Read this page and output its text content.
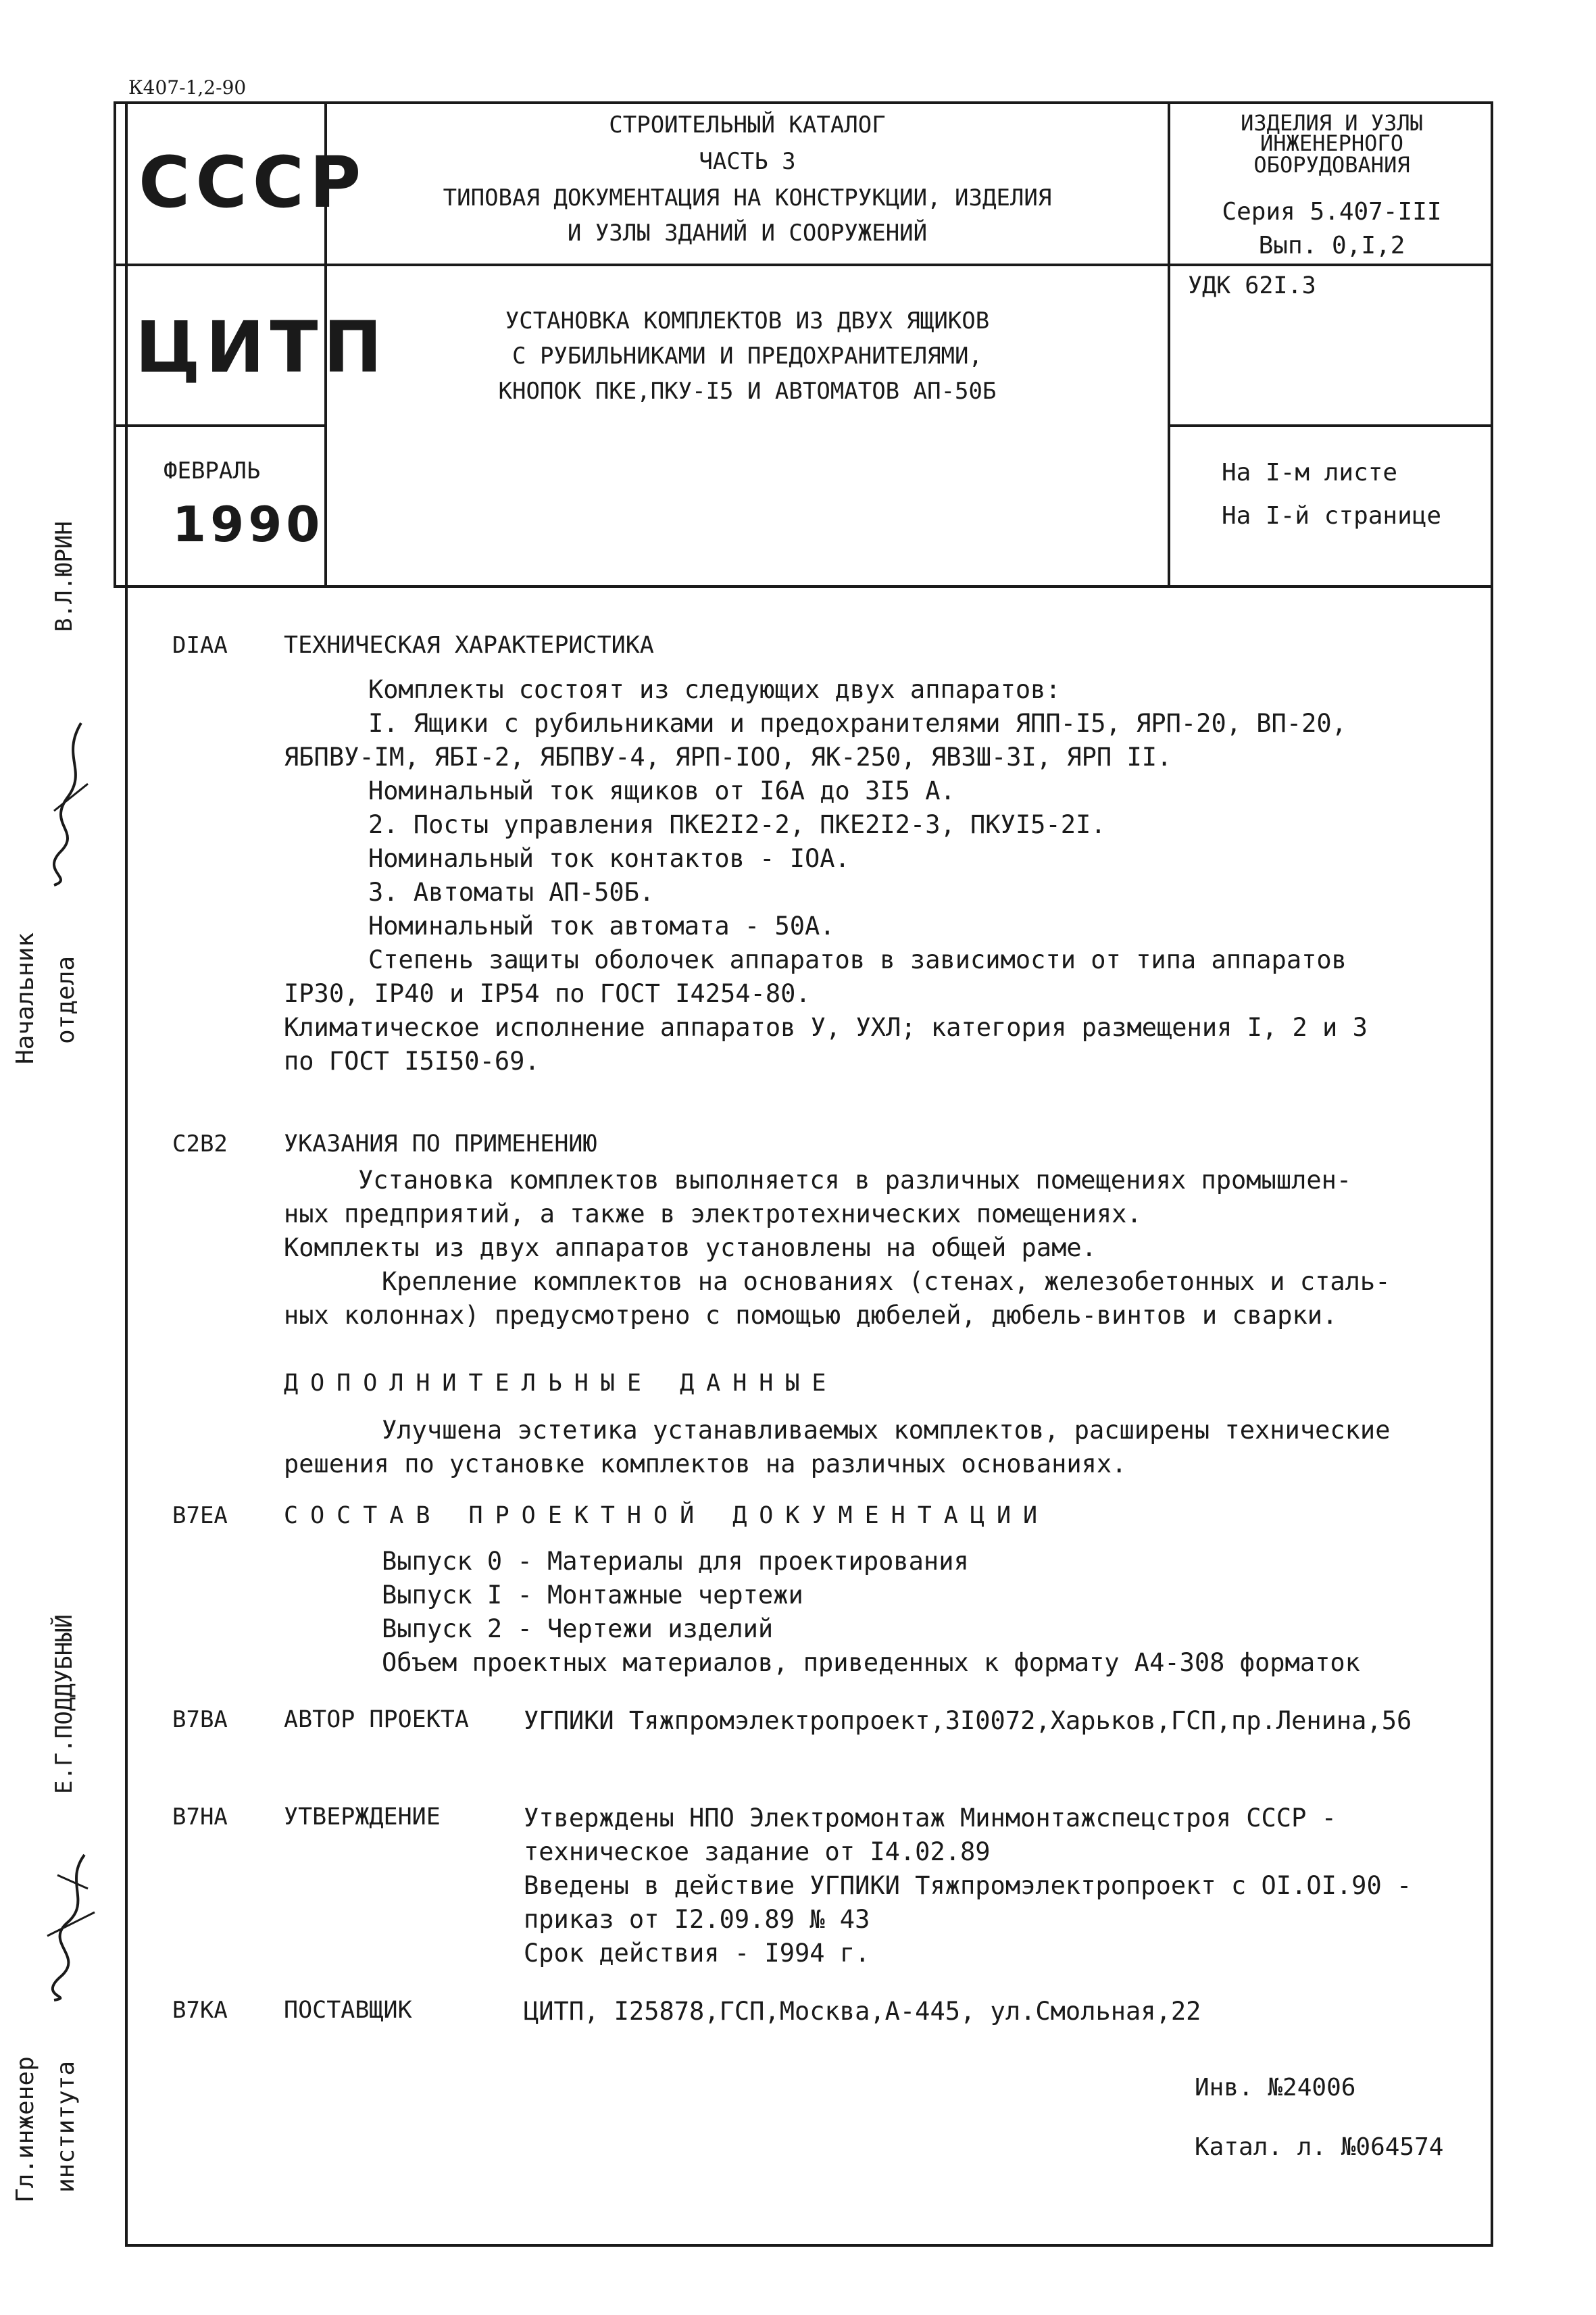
К407-1,2-90
СССР
ЦИТП
ФЕВРАЛЬ
1990
СТРОИТЕЛЬНЫЙ КАТАЛОГ
ЧАСТЬ 3
ТИПОВАЯ ДОКУМЕНТАЦИЯ НА КОНСТРУКЦИИ, ИЗДЕЛИЯ
И УЗЛЫ ЗДАНИЙ И СООРУЖЕНИЙ
ИЗДЕЛИЯ И УЗЛЫ
ИНЖЕНЕРНОГО
ОБОРУДОВАНИЯ
Серия 5.407-III
Вып. 0,I,2
УСТАНОВКА КОМПЛЕКТОВ ИЗ ДВУХ ЯЩИКОВ
С РУБИЛЬНИКАМИ И ПРЕДОХРАНИТЕЛЯМИ,
КНОПОК ПКЕ,ПКУ-I5 И АВТОМАТОВ АП-50Б
УДК 62I.3
На I-м листе
На I-й странице
В.Л.ЮРИН
Начальник отдела
Е.Г.ПОДДУБНЫЙ
Гл.инженер института
DIAA ТЕХНИЧЕСКАЯ ХАРАКТЕРИСТИКА
Комплекты состоят из следующих двух аппаратов:
I. Ящики с рубильниками и предохранителями ЯПП-I5, ЯРП-20, ВП-20,
ЯБПВУ-IМ, ЯБI-2, ЯБПВУ-4, ЯРП-IOO, ЯК-250, ЯВЗШ-3I, ЯРП II.
Номинальный ток ящиков от I6А до 3I5 А.
2. Посты управления ПКЕ2I2-2, ПКЕ2I2-3, ПКУI5-2I.
Номинальный ток контактов - IOA.
3. Автоматы АП-50Б.
Номинальный ток автомата - 50А.
Степень защиты оболочек аппаратов в зависимости от типа аппаратов
IP30, IP40 и IP54 по ГОСТ I4254-80.
Климатическое исполнение аппаратов У, УХЛ; категория размещения I, 2 и 3
по ГОСТ I5I50-69.
C2B2 УКАЗАНИЯ ПО ПРИМЕНЕНИЮ
Установка комплектов выполняется в различных помещениях промышлен-
ных предприятий, а также в электротехнических помещениях.
Комплекты из двух аппаратов установлены на общей раме.
Крепление комплектов на основаниях (стенах, железобетонных и сталь-
ных колоннах) предусмотрено с помощью дюбелей, дюбель-винтов и сварки.
ДОПОЛНИТЕЛЬНЫЕ ДАННЫЕ
Улучшена эстетика устанавливаемых комплектов, расширены технические
решения по установке комплектов на различных основаниях.
B7EA СОСТАВ ПРОЕКТНОЙ ДОКУМЕНТАЦИИ
Выпуск 0 - Материалы для проектирования
Выпуск I - Монтажные чертежи
Выпуск 2 - Чертежи изделий
Объем проектных материалов, приведенных к формату А4-308 форматок
B7BA АВТОР ПРОЕКТА УГПИКИ Тяжпромэлектропроект,3I0072,Харьков,ГСП,пр.Ленина,56
B7HA УТВЕРЖДЕНИЕ	Утверждены НПО Электромонтаж Минмонтажспецстроя СССР -
техническое задание от I4.02.89
Введены в действие УГПИКИ Тяжпромэлектропроект с OI.OI.90 -
приказ от I2.09.89 № 43
Срок действия - I994 г.
B7KA ПОСТАВЩИК	ЦИТП, I25878,ГСП,Москва,А-445, ул.Смольная,22
Инв. №24006
Катал. л. №064574
